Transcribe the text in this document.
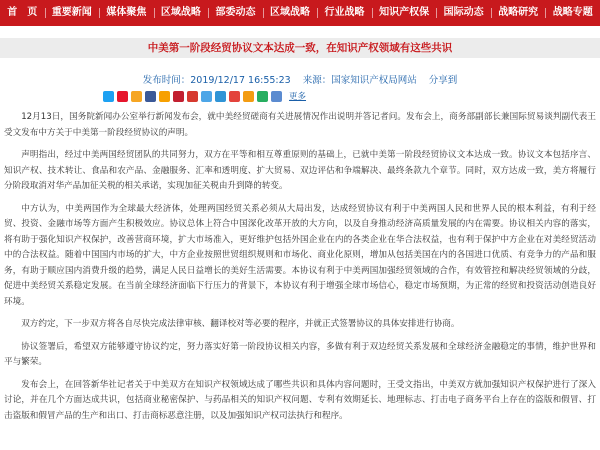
首　页	重要新闻	媒体聚焦	区域战略	部委动态	区域战略	行业战略	知识产权保	国际动态	战略研究	战略专题
中美第一阶段经贸协议文本达成一致，在知识产权领域有这些共识
发布时间：2019/12/17 16:55:23 来源：国家知识产权局网站 分享到
更多

12月13日，国务院新闻办公室举行新闻发布会，就中美经贸磋商有关进展情况作出说明并答记者问。发布会上，商务部副部长兼国际贸易谈判副代表王受文发布中方关于中美第一阶段经贸协议的声明。

声明指出，经过中美两国经贸团队的共同努力，双方在平等和相互尊重原则的基础上，已就中美第一阶段经贸协议文本达成一致。协议文本包括序言、知识产权、技术转让、食品和农产品、金融服务、汇率和透明度、扩大贸易、双边评估和争端解决、最终条款九个章节。同时，双方达成一致，美方将履行分阶段取消对华产品加征关税的相关承诺，实现加征关税由升到降的转变。

中方认为，中美两国作为全球最大经济体，处理两国经贸关系必须从大局出发，达成经贸协议有利于中美两国人民和世界人民的根本利益，有利于经贸、投资、金融市场等方面产生积极效应。协议总体上符合中国深化改革开放的大方向，以及自身推动经济高质量发展的内在需要。协议相关内容的落实，将有助于强化知识产权保护，改善营商环境，扩大市场准入，更好维护包括外国企业在内的各类企业在华合法权益，也有利于保护中方企业在对美经贸活动中的合法权益。随着中国国内市场的扩大，中方企业按照世贸组织规则和市场化、商业化原则，增加从包括美国在内的各国进口优质、有竞争力的产品和服务，有助于顺应国内消费升级的趋势，满足人民日益增长的美好生活需要。本协议有利于中美两国加强经贸领域的合作，有效管控和解决经贸领域的分歧，促进中美经贸关系稳定发展。在当前全球经济面临下行压力的背景下，本协议有利于增强全球市场信心，稳定市场预期，为正常的经贸和投资活动创造良好环境。

双方约定，下一步双方将各自尽快完成法律审核、翻译校对等必要的程序，并就正式签署协议的具体安排进行协商。

协议签署后，希望双方能够遵守协议约定，努力落实好第一阶段协议相关内容，多做有利于双边经贸关系发展和全球经济金融稳定的事情，维护世界和平与繁荣。

发布会上，在回答新华社记者关于中美双方在知识产权领域达成了哪些共识和具体内容问题时，王受文指出，中美双方就加强知识产权保护进行了深入讨论，并在几个方面达成共识，包括商业秘密保护、与药品相关的知识产权问题、专利有效期延长、地理标志、打击电子商务平台上存在的盗版和假冒、打击盗版和假冒产品的生产和出口、打击商标恶意注册，以及加强知识产权司法执行和程序。
